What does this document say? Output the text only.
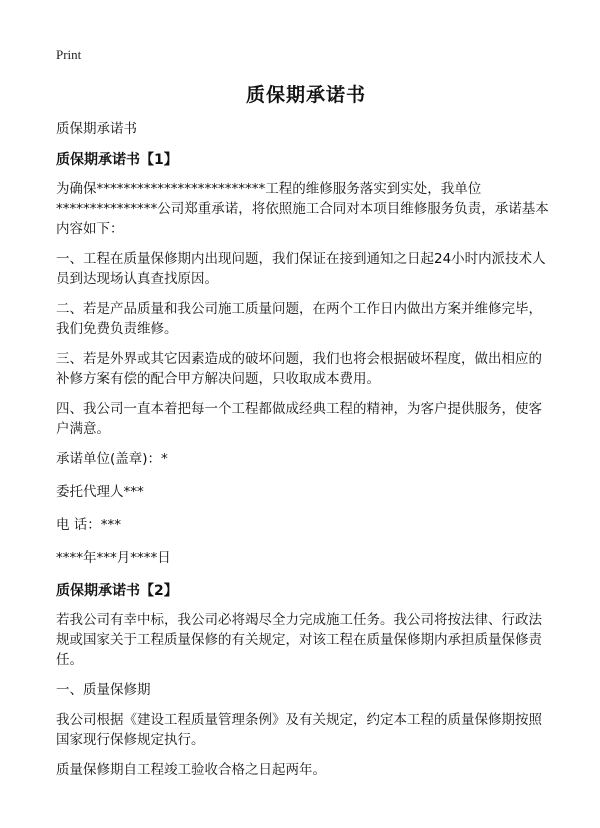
Print
质保期承诺书

质保期承诺书

质保期承诺书【1】

为确保*************************工程的维修服务落实到实处，我单位***************公司郑重承诺，将依照施工合同对本项目维修服务负责，承诺基本内容如下：

一、工程在质量保修期内出现问题，我们保证在接到通知之日起24小时内派技术人员到达现场认真查找原因。

二、若是产品质量和我公司施工质量问题，在两个工作日内做出方案并维修完毕，我们免费负责维修。

三、若是外界或其它因素造成的破坏问题，我们也将会根据破坏程度，做出相应的补修方案有偿的配合甲方解决问题，只收取成本费用。

四、我公司一直本着把每一个工程都做成经典工程的精神，为客户提供服务，使客户满意。

承诺单位(盖章)：*

委托代理人***

电 话：***

****年***月****日

质保期承诺书【2】

若我公司有幸中标，我公司必将竭尽全力完成施工任务。我公司将按法律、行政法规或国家关于工程质量保修的有关规定，对该工程在质量保修期内承担质量保修责任。

一、质量保修期

我公司根据《建设工程质量管理条例》及有关规定，约定本工程的质量保修期按照国家现行保修规定执行。

质量保修期自工程竣工验收合格之日起两年。
